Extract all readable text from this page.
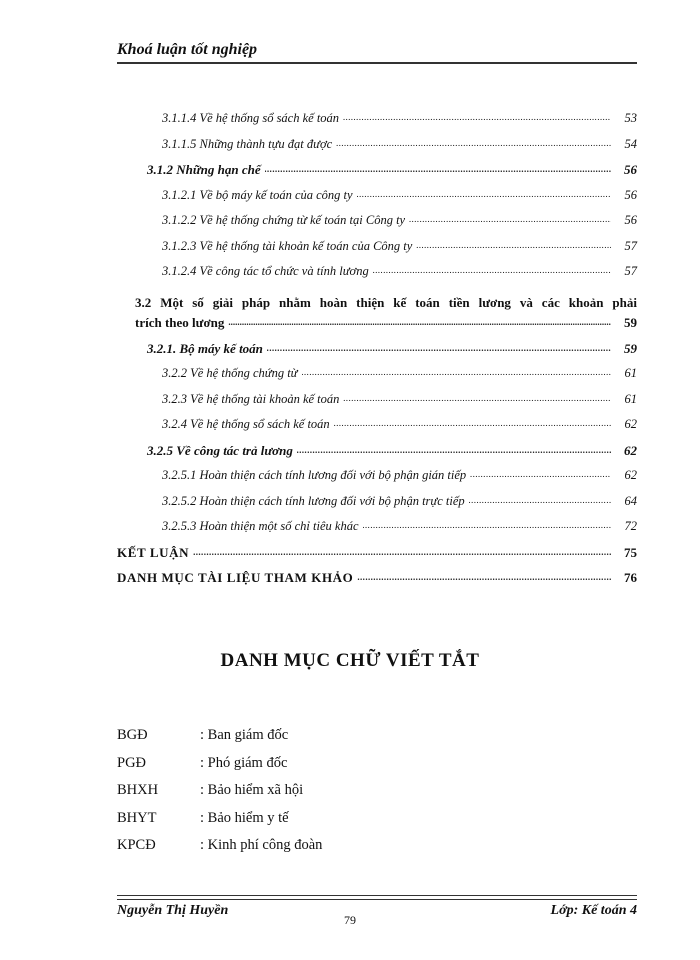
Khoá luận tốt nghiệp
3.1.1.4 Về hệ thống sổ sách kế toán .....	53
3.1.1.5 Những thành tựu đạt được .....	54
3.1.2 Những hạn chế .....	56
3.1.2.1 Về bộ máy kế toán của công ty .....	56
3.1.2.2 Về hệ thống chứng từ kế toán tại Công ty .....	56
3.1.2.3 Về hệ thống tài khoản kế toán của Công ty .....	57
3.1.2.4 Về công tác tổ chức và tính lương .....	57
3.2 Một số giải pháp nhằm hoàn thiện kế toán tiền lương và các khoản phải
trích theo lương .....	59
3.2.1. Bộ máy kế toán .....	59
3.2.2 Về hệ thống chứng từ .....	61
3.2.3 Về hệ thống tài khoản kế toán .....	61
3.2.4 Về hệ thống sổ sách kế toán .....	62
3.2.5 Về công tác trả lương .....	62
3.2.5.1 Hoàn thiện cách tính lương đối với bộ phận gián tiếp .....	62
3.2.5.2 Hoàn thiện cách tính lương đối với bộ phận trực tiếp .....	64
3.2.5.3 Hoàn thiện một số chỉ tiêu khác .....	72
KẾT LUẬN .....	75
DANH MỤC TÀI LIỆU THAM KHẢO .....	76
DANH MỤC CHỮ VIẾT TẮT
BGĐ	: Ban giám đốc
PGĐ	: Phó giám đốc
BHXH	: Bảo hiểm xã hội
BHYT	: Bảo hiểm y tế
KPCĐ	: Kinh phí công đoàn
Nguyễn Thị Huyền
79
Lớp: Kế toán 4
